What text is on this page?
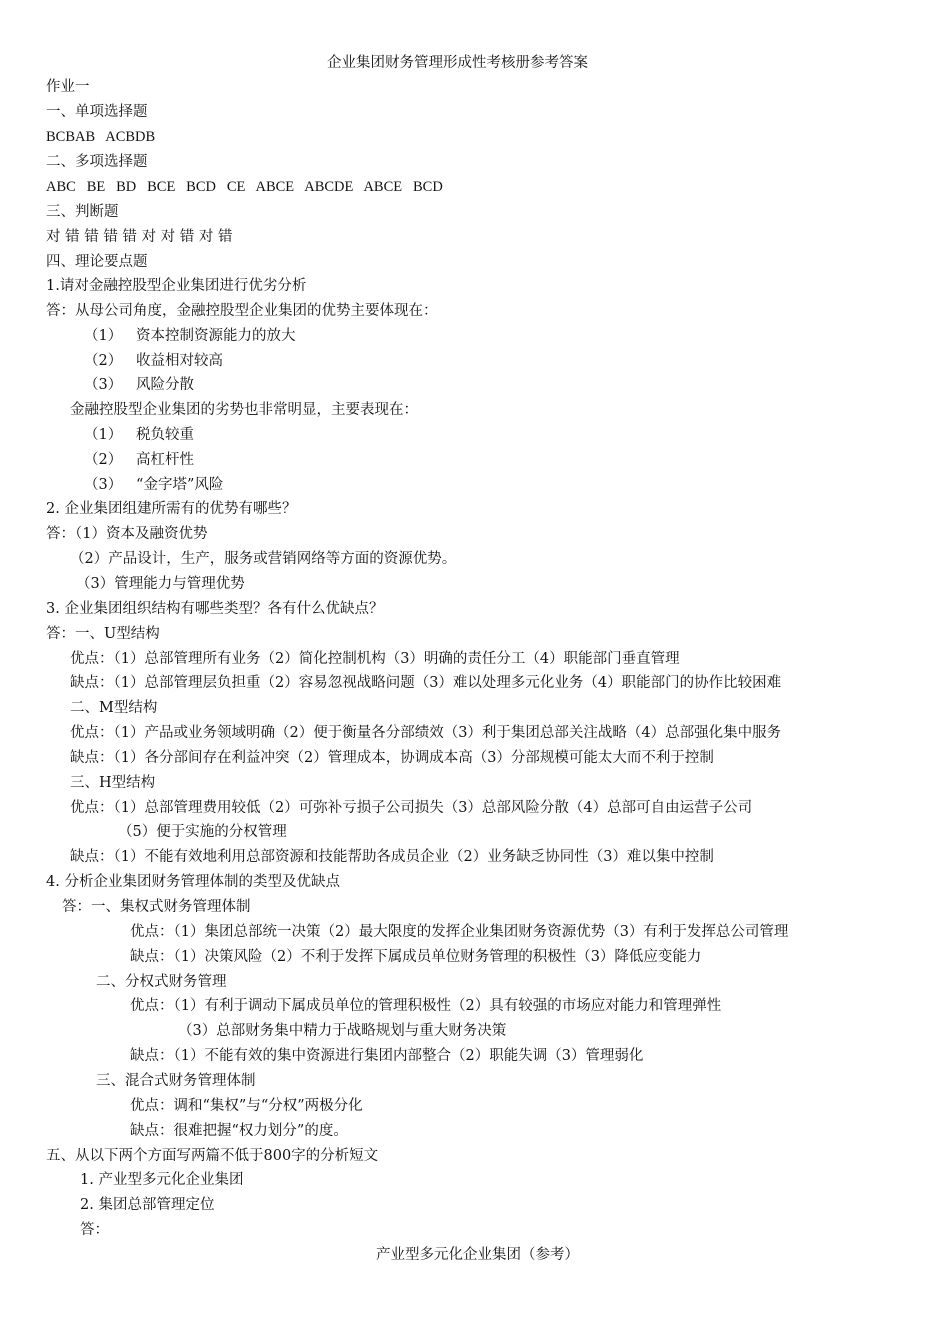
企业集团财务管理形成性考核册参考答案
作业一
一、单项选择题
BCBAB   ACBDB
二、多项选择题
ABC   BE   BD   BCE   BCD   CE   ABCE   ABCDE   ABCE   BCD
三、判断题
对 错 错 错 错 对 对 错 对 错
四、理论要点题
1.请对金融控股型企业集团进行优劣分析
答：从母公司角度，金融控股型企业集团的优势主要体现在：
（1）   资本控制资源能力的放大
（2）   收益相对较高
（3）   风险分散
金融控股型企业集团的劣势也非常明显，主要表现在：
（1）   税负较重
（2）   高杠杆性
（3）   “金字塔”风险
2. 企业集团组建所需有的优势有哪些？
答：（1）资本及融资优势
（2）产品设计，生产，服务或营销网络等方面的资源优势。
（3）管理能力与管理优势
3. 企业集团组织结构有哪些类型？各有什么优缺点？
答：一、U型结构
优点：（1）总部管理所有业务（2）简化控制机构（3）明确的责任分工（4）职能部门垂直管理
缺点：（1）总部管理层负担重（2）容易忽视战略问题（3）难以处理多元化业务（4）职能部门的协作比较困难
二、M型结构
优点：（1）产品或业务领域明确（2）便于衡量各分部绩效（3）利于集团总部关注战略（4）总部强化集中服务
缺点：（1）各分部间存在利益冲突（2）管理成本，协调成本高（3）分部规模可能太大而不利于控制
三、H型结构
优点：（1）总部管理费用较低（2）可弥补亏损子公司损失（3）总部风险分散（4）总部可自由运营子公司
（5）便于实施的分权管理
缺点：（1）不能有效地利用总部资源和技能帮助各成员企业（2）业务缺乏协同性（3）难以集中控制
4. 分析企业集团财务管理体制的类型及优缺点
答：一、集权式财务管理体制
优点：（1）集团总部统一决策（2）最大限度的发挥企业集团财务资源优势（3）有利于发挥总公司管理
缺点：（1）决策风险（2）不利于发挥下属成员单位财务管理的积极性（3）降低应变能力
二、分权式财务管理
优点：（1）有利于调动下属成员单位的管理积极性（2）具有较强的市场应对能力和管理弹性
（3）总部财务集中精力于战略规划与重大财务决策
缺点：（1）不能有效的集中资源进行集团内部整合（2）职能失调（3）管理弱化
三、混合式财务管理体制
优点：调和“集权”与“分权”两极分化
缺点：很难把握“权力划分”的度。
五、从以下两个方面写两篇不低于800字的分析短文
1. 产业型多元化企业集团
2. 集团总部管理定位
答：
产业型多元化企业集团（参考）
